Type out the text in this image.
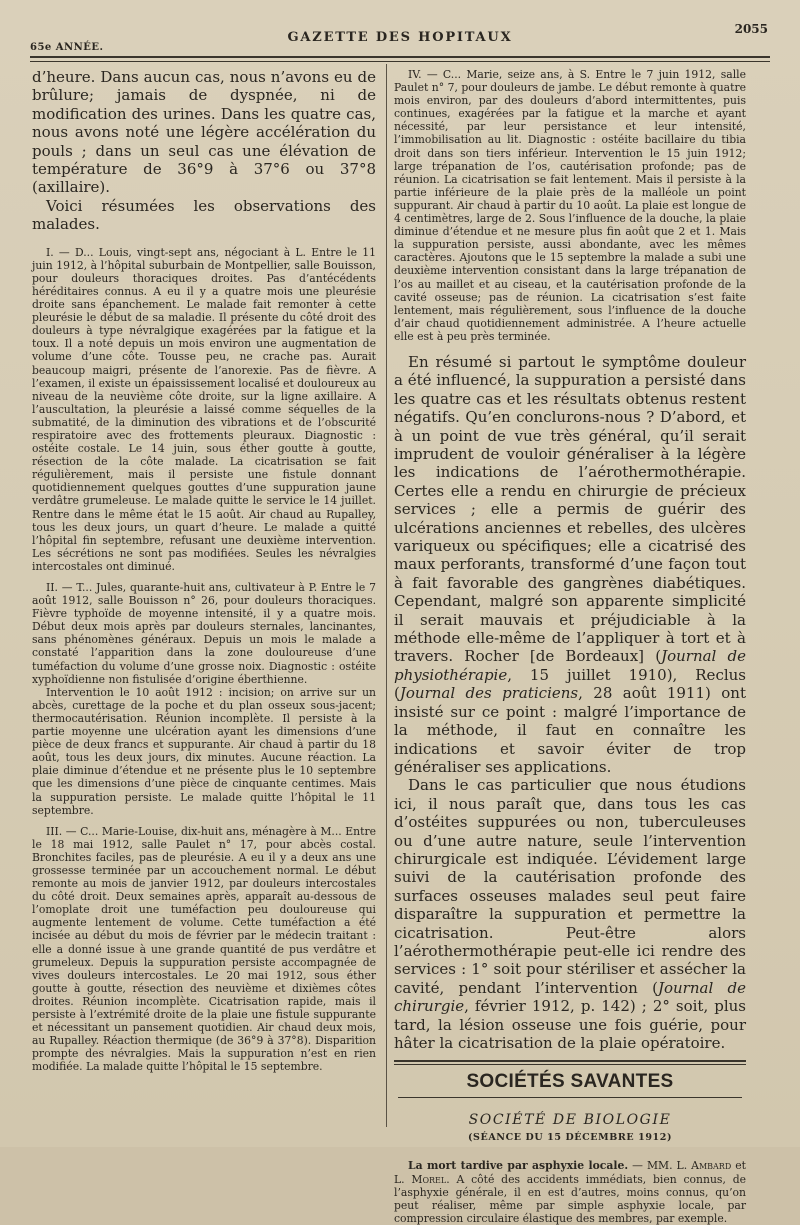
65e ANNÉE.
GAZETTE DES HOPITAUX
2055

d’heure. Dans aucun cas, nous n’avons eu de brûlure; jamais de dyspnée, ni de modification des urines. Dans les quatre cas, nous avons noté une légère accélération du pouls ; dans un seul cas une élévation de température de 36°9 à 37°6 ou 37°8 (axillaire).

Voici résumées les observations des malades.

I. — D... Louis, vingt-sept ans, négociant à L. Entre le 11 juin 1912, à l’hôpital suburbain de Montpellier, salle Bouisson, pour douleurs thoraciques droites. Pas d’antécédents héréditaires connus. A eu il y a quatre mois une pleurésie droite sans épanchement. Le malade fait remonter à cette pleurésie le début de sa maladie. Il présente du côté droit des douleurs à type névralgique exagérées par la fatigue et la toux. Il a noté depuis un mois environ une augmentation de volume d’une côte. Tousse peu, ne crache pas. Aurait beaucoup maigri, présente de l’anorexie. Pas de fièvre. A l’examen, il existe un épaississement localisé et douloureux au niveau de la neuvième côte droite, sur la ligne axillaire. A l’auscultation, la pleurésie a laissé comme séquelles de la submatité, de la diminution des vibrations et de l’obscurité respiratoire avec des frottements pleuraux. Diagnostic : ostéite costale. Le 14 juin, sous éther goutte à goutte, résection de la côte malade. La cicatrisation se fait régulièrement, mais il persiste une fistule donnant quotidiennement quelques gouttes d’une suppuration jaune verdâtre grumeleuse. Le malade quitte le service le 14 juillet. Rentre dans le même état le 15 août. Air chaud au Rupalley, tous les deux jours, un quart d’heure. Le malade a quitté l’hôpital fin septembre, refusant une deuxième intervention. Les sécrétions ne sont pas modifiées. Seules les névralgies intercostales ont diminué.

II. — T... Jules, quarante-huit ans, cultivateur à P. Entre le 7 août 1912, salle Bouisson n° 26, pour douleurs thoraciques. Fièvre typhoïde de moyenne intensité, il y a quatre mois. Début deux mois après par douleurs sternales, lancinantes, sans phénomènes généraux. Depuis un mois le malade a constaté l’apparition dans la zone douloureuse d’une tuméfaction du volume d’une grosse noix. Diagnostic : ostéite xyphoïdienne non fistulisée d’origine éberthienne.

Intervention le 10 août 1912 : incision; on arrive sur un abcès, curettage de la poche et du plan osseux sous-jacent; thermocautérisation. Réunion incomplète. Il persiste à la partie moyenne une ulcération ayant les dimensions d’une pièce de deux francs et suppurante. Air chaud à partir du 18 août, tous les deux jours, dix minutes. Aucune réaction. La plaie diminue d’étendue et ne présente plus le 10 septembre que les dimensions d’une pièce de cinquante centimes. Mais la suppuration persiste. Le malade quitte l’hôpital le 11 septembre.

III. — C... Marie-Louise, dix-huit ans, ménagère à M... Entre le 18 mai 1912, salle Paulet n° 17, pour abcès costal. Bronchites faciles, pas de pleurésie. A eu il y a deux ans une grossesse terminée par un accouchement normal. Le début remonte au mois de janvier 1912, par douleurs intercostales du côté droit. Deux semaines après, apparaît au-dessous de l’omoplate droit une tuméfaction peu douloureuse qui augmente lentement de volume. Cette tuméfaction a été incisée au début du mois de février par le médecin traitant : elle a donné issue à une grande quantité de pus verdâtre et grumeleux. Depuis la suppuration persiste accompagnée de vives douleurs intercostales. Le 20 mai 1912, sous éther goutte à goutte, résection des neuvième et dixièmes côtes droites. Réunion incomplète. Cicatrisation rapide, mais il persiste à l’extrémité droite de la plaie une fistule suppurante et nécessitant un pansement quotidien. Air chaud deux mois, au Rupalley. Réaction thermique (de 36°9 à 37°8). Disparition prompte des névralgies. Mais la suppuration n’est en rien modifiée. La malade quitte l’hôpital le 15 septembre.

IV. — C... Marie, seize ans, à S. Entre le 7 juin 1912, salle Paulet n° 7, pour douleurs de jambe. Le début remonte à quatre mois environ, par des douleurs d’abord intermittentes, puis continues, exagérées par la fatigue et la marche et ayant nécessité, par leur persistance et leur intensité, l’immobilisation au lit. Diagnostic : ostéite bacillaire du tibia droit dans son tiers inférieur. Intervention le 15 juin 1912; large trépanation de l’os, cautérisation profonde; pas de réunion. La cicatrisation se fait lentement. Mais il persiste à la partie inférieure de la plaie près de la malléole un point suppurant. Air chaud à partir du 10 août. La plaie est longue de 4 centimètres, large de 2. Sous l’influence de la douche, la plaie diminue d’étendue et ne mesure plus fin août que 2 et 1. Mais la suppuration persiste, aussi abondante, avec les mêmes caractères. Ajoutons que le 15 septembre la malade a subi une deuxième intervention consistant dans la large trépanation de l’os au maillet et au ciseau, et la cautérisation profonde de la cavité osseuse; pas de réunion. La cicatrisation s’est faite lentement, mais régulièrement, sous l’influence de la douche d’air chaud quotidiennement administrée. A l’heure actuelle elle est à peu près terminée.

En résumé si partout le symptôme douleur a été influencé, la suppuration a persisté dans les quatre cas et les résultats obtenus restent négatifs. Qu’en conclurons-nous ? D’abord, et à un point de vue très général, qu’il serait imprudent de vouloir généraliser à la légère les indications de l’aérothermothérapie. Certes elle a rendu en chirurgie de précieux services ; elle a permis de guérir des ulcérations anciennes et rebelles, des ulcères variqueux ou spécifiques; elle a cicatrisé des maux perforants, transformé d’une façon tout à fait favorable des gangrènes diabétiques. Cependant, malgré son apparente simplicité il serait mauvais et préjudiciable à la méthode elle-même de l’appliquer à tort et à travers. Rocher [de Bordeaux] (Journal de physiothérapie, 15 juillet 1910), Reclus (Journal des praticiens, 28 août 1911) ont insisté sur ce point : malgré l’importance de la méthode, il faut en connaître les indications et savoir éviter de trop généraliser ses applications.

Dans le cas particulier que nous étudions ici, il nous paraît que, dans tous les cas d’ostéites suppurées ou non, tuberculeuses ou d’une autre nature, seule l’intervention chirurgicale est indiquée. L’évidement large suivi de la cautérisation profonde des surfaces osseuses malades seul peut faire disparaître la suppuration et permettre la cicatrisation. Peut-être alors l’aérothermothérapie peut-elle ici rendre des services : 1° soit pour stériliser et assécher la cavité, pendant l’intervention (Journal de chirurgie, février 1912, p. 142) ; 2° soit, plus tard, la lésion osseuse une fois guérie, pour hâter la cicatrisation de la plaie opératoire.

SOCIÉTÉS SAVANTES
SOCIÉTÉ DE BIOLOGIE
(SÉANCE DU 15 DÉCEMBRE 1912)

La mort tardive par asphyxie locale. — MM. L. Ambard et L. Morel. A côté des accidents immédiats, bien connus, de l’asphyxie générale, il en est d’autres, moins connus, qu’on peut réaliser, même par simple asphyxie locale, par compression circulaire élastique des membres, par exemple.
